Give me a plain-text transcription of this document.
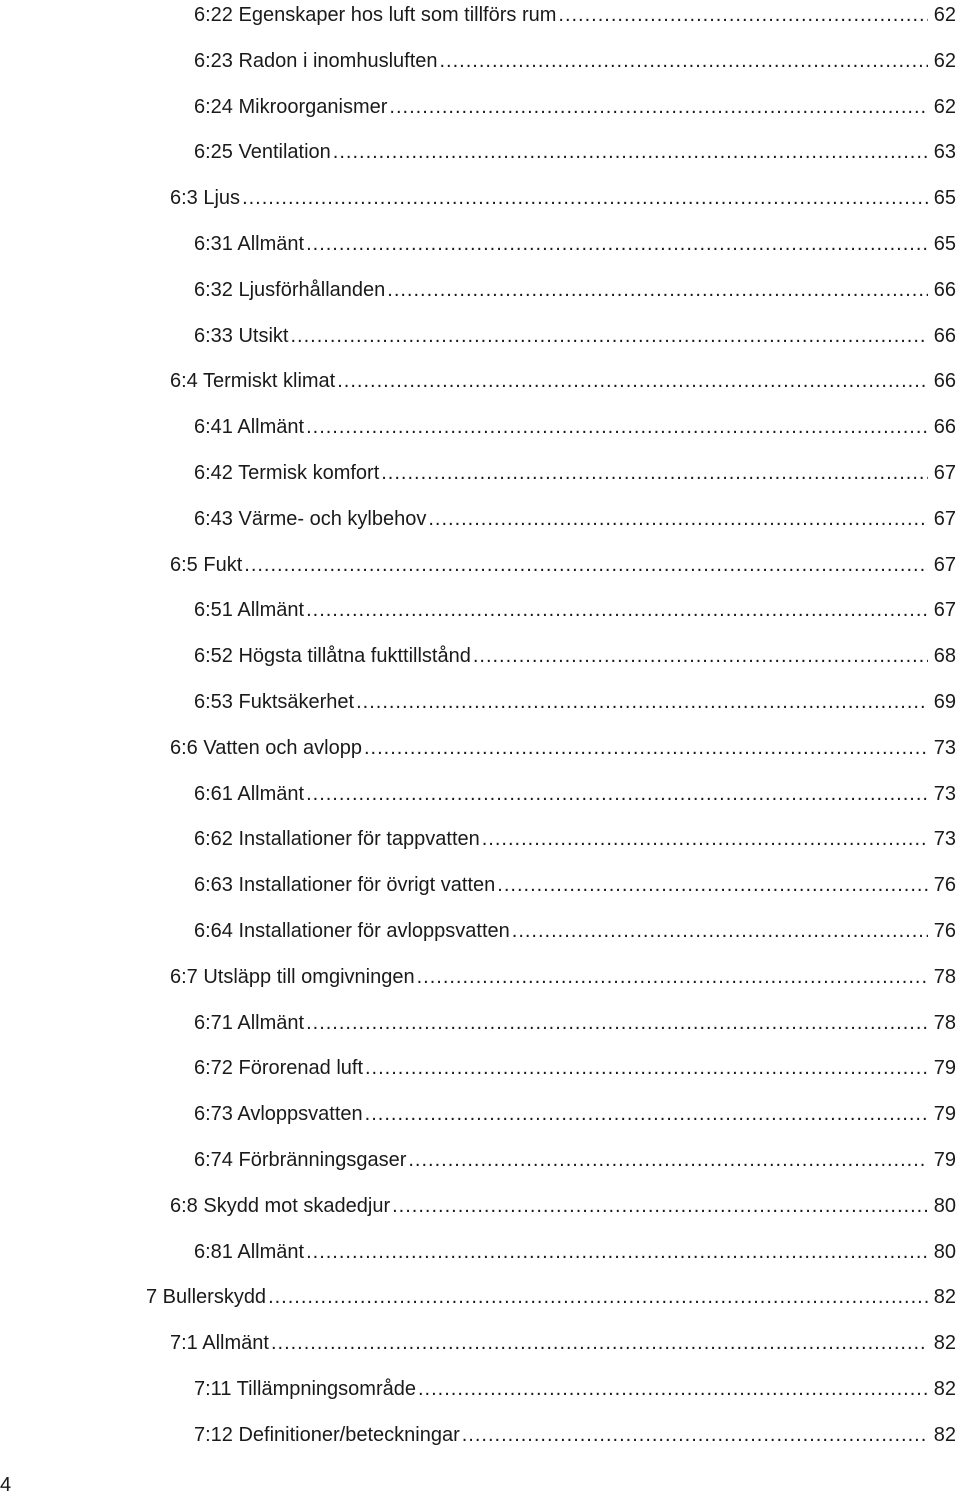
6:22 Egenskaper hos luft som tillförs rum .....	62
6:23 Radon i inomhusluften .....	62
6:24 Mikroorganismer .....	62
6:25 Ventilation .....	63
6:3 Ljus .....	65
6:31 Allmänt .....	65
6:32 Ljusförhållanden .....	66
6:33 Utsikt .....	66
6:4 Termiskt klimat .....	66
6:41 Allmänt .....	66
6:42 Termisk komfort .....	67
6:43 Värme- och kylbehov .....	67
6:5 Fukt .....	67
6:51 Allmänt .....	67
6:52 Högsta tillåtna fukttillstånd .....	68
6:53 Fuktsäkerhet .....	69
6:6 Vatten och avlopp .....	73
6:61 Allmänt .....	73
6:62 Installationer för tappvatten .....	73
6:63 Installationer för övrigt vatten .....	76
6:64 Installationer för avloppsvatten .....	76
6:7 Utsläpp till omgivningen .....	78
6:71 Allmänt .....	78
6:72 Förorenad luft .....	79
6:73 Avloppsvatten .....	79
6:74 Förbränningsgaser .....	79
6:8 Skydd mot skadedjur .....	80
6:81 Allmänt .....	80
7 Bullerskydd .....	82
7:1 Allmänt .....	82
7:11 Tillämpningsområde .....	82
7:12 Definitioner/beteckningar .....	82
4
